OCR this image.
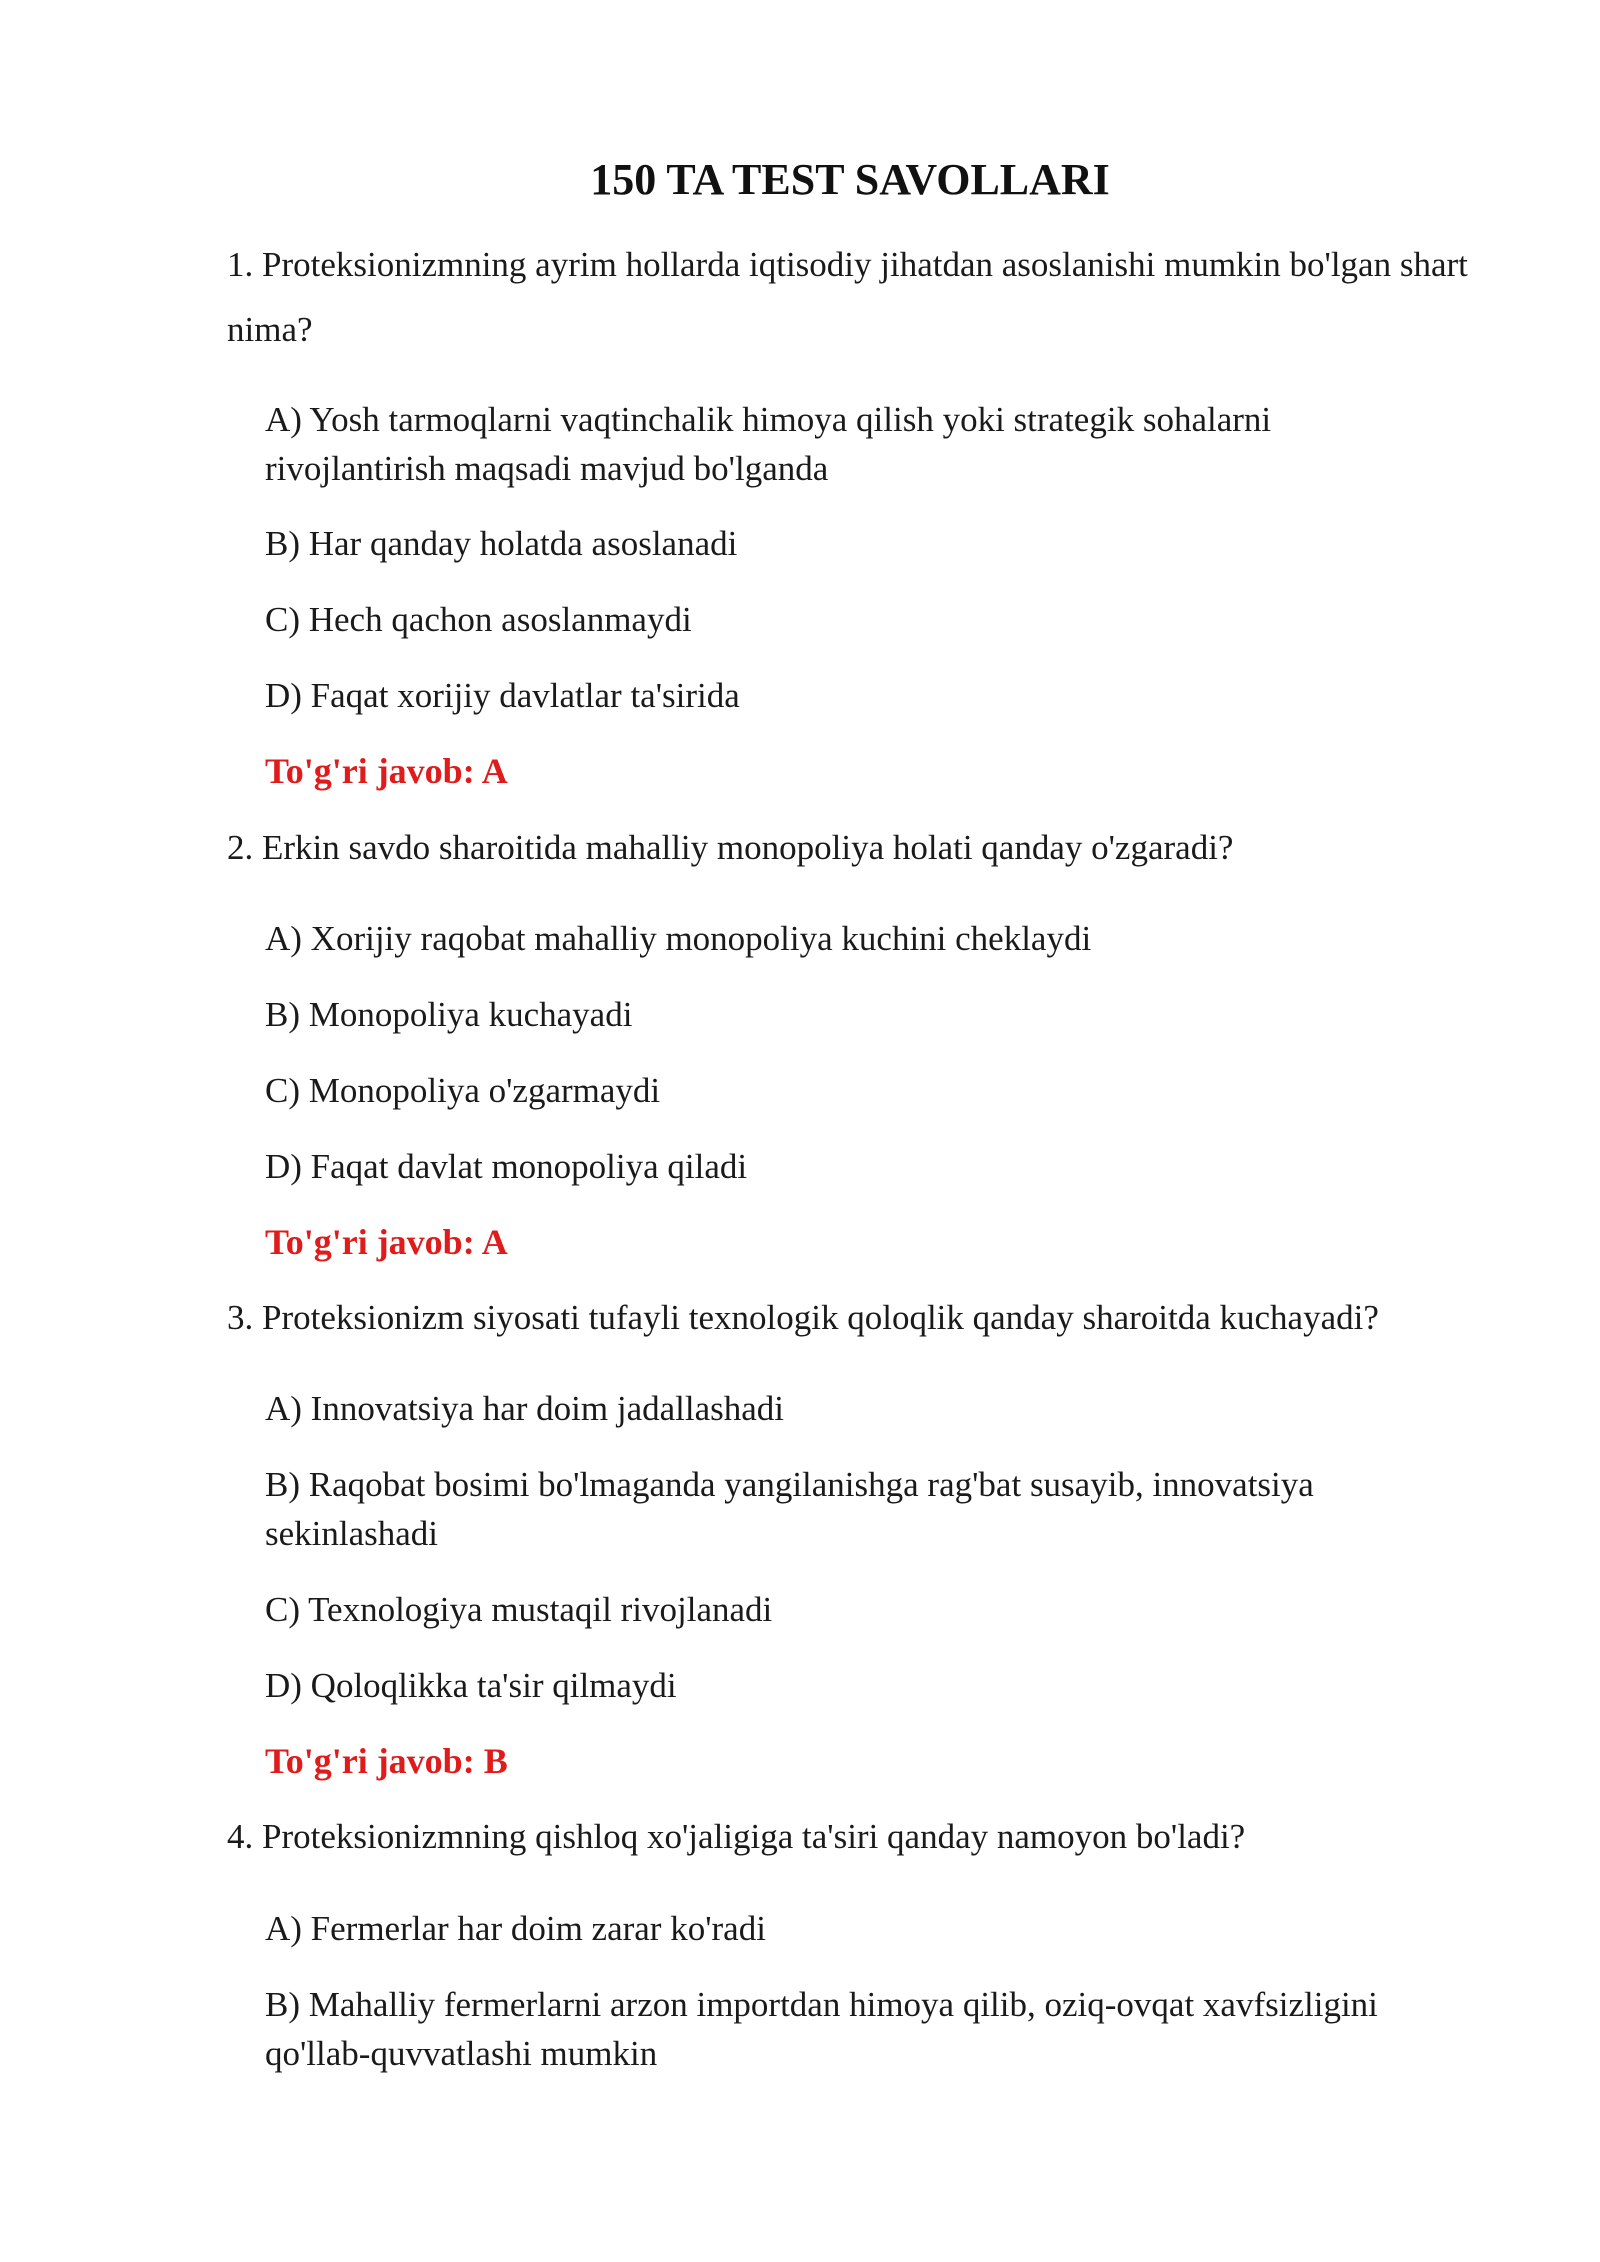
150 TA TEST SAVOLLARI

1. Proteksionizmning ayrim hollarda iqtisodiy jihatdan asoslanishi mumkin bo'lgan shart nima?

A) Yosh tarmoqlarni vaqtinchalik himoya qilish yoki strategik sohalarni rivojlantirish maqsadi mavjud bo'lganda

B) Har qanday holatda asoslanadi

C) Hech qachon asoslanmaydi

D) Faqat xorijiy davlatlar ta'sirida

To'g'ri javob: A

2. Erkin savdo sharoitida mahalliy monopoliya holati qanday o'zgaradi?

A) Xorijiy raqobat mahalliy monopoliya kuchini cheklaydi

B) Monopoliya kuchayadi

C) Monopoliya o'zgarmaydi

D) Faqat davlat monopoliya qiladi

To'g'ri javob: A

3. Proteksionizm siyosati tufayli texnologik qoloqlik qanday sharoitda kuchayadi?

A) Innovatsiya har doim jadallashadi

B) Raqobat bosimi bo'lmaganda yangilanishga rag'bat susayib, innovatsiya sekinlashadi

C) Texnologiya mustaqil rivojlanadi

D) Qoloqlikka ta'sir qilmaydi

To'g'ri javob: B

4. Proteksionizmning qishloq xo'jaligiga ta'siri qanday namoyon bo'ladi?

A) Fermerlar har doim zarar ko'radi

B) Mahalliy fermerlarni arzon importdan himoya qilib, oziq-ovqat xavfsizligini qo'llab-quvvatlashi mumkin
